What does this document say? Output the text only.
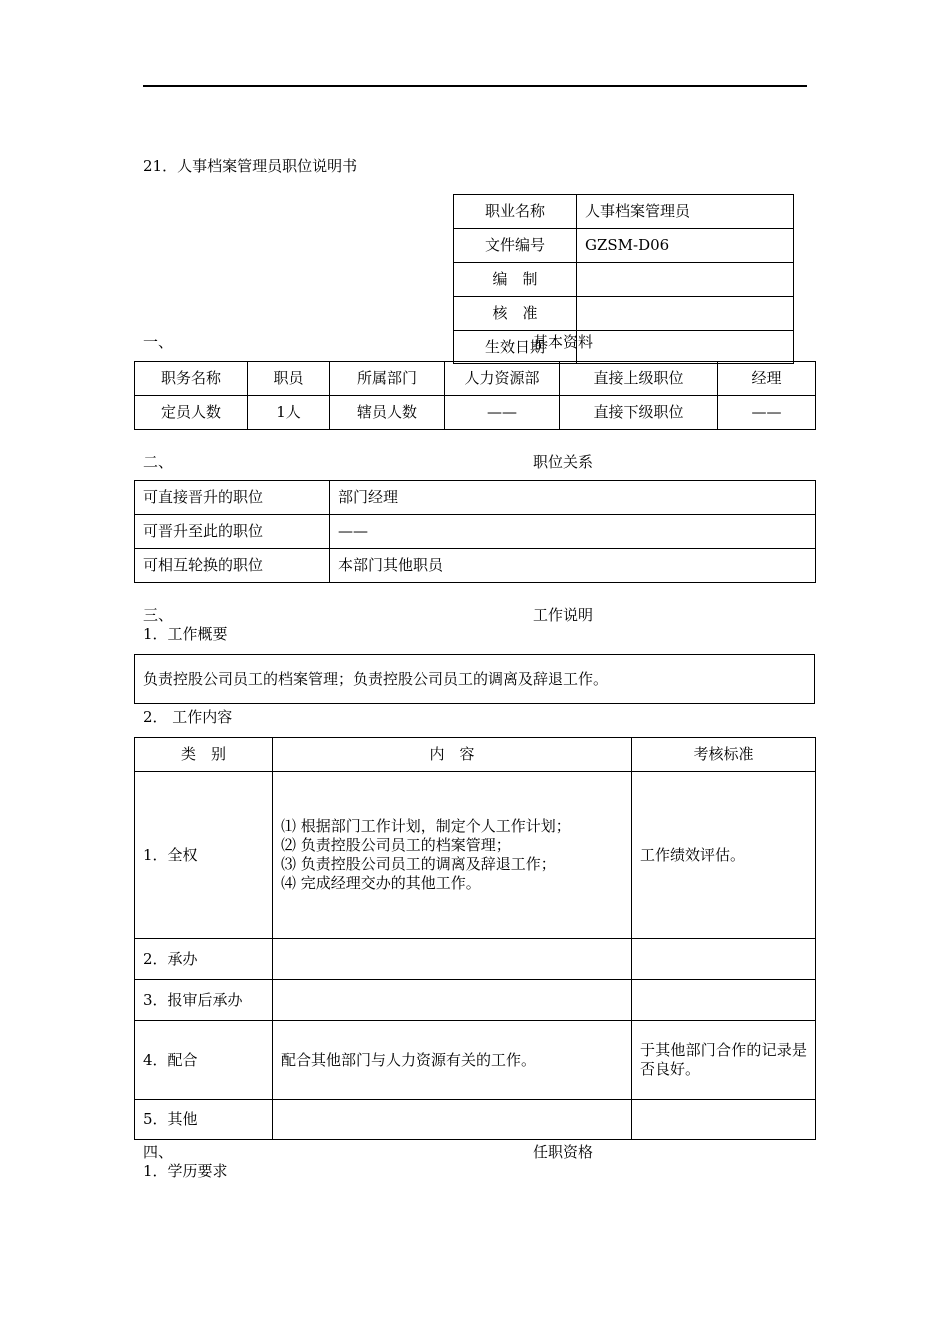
21．人事档案管理员职位说明书
职业名称	人事档案管理员
文件编号	GZSM-D06
编　制	
核　准	
生效日期	
一、	基本资料
职务名称	职员	所属部门	人力资源部	直接上级职位	经理
定员人数	1人	辖员人数	——	直接下级职位	——
二、	职位关系
可直接晋升的职位	部门经理
可晋升至此的职位	——
可相互轮换的职位	本部门其他职员
三、	工作说明
1．工作概要
负责控股公司员工的档案管理；负责控股公司员工的调离及辞退工作。
2． 工作内容
类　别	内　容	考核标准
1．全权	⑴ 根据部门工作计划，制定个人工作计划；
⑵ 负责控股公司员工的档案管理；
⑶ 负责控股公司员工的调离及辞退工作；
⑷ 完成经理交办的其他工作。	工作绩效评估。
2．承办		
3．报审后承办		
4．配合	配合其他部门与人力资源有关的工作。	于其他部门合作的记录是否良好。
5．其他		
四、	任职资格
1．学历要求
